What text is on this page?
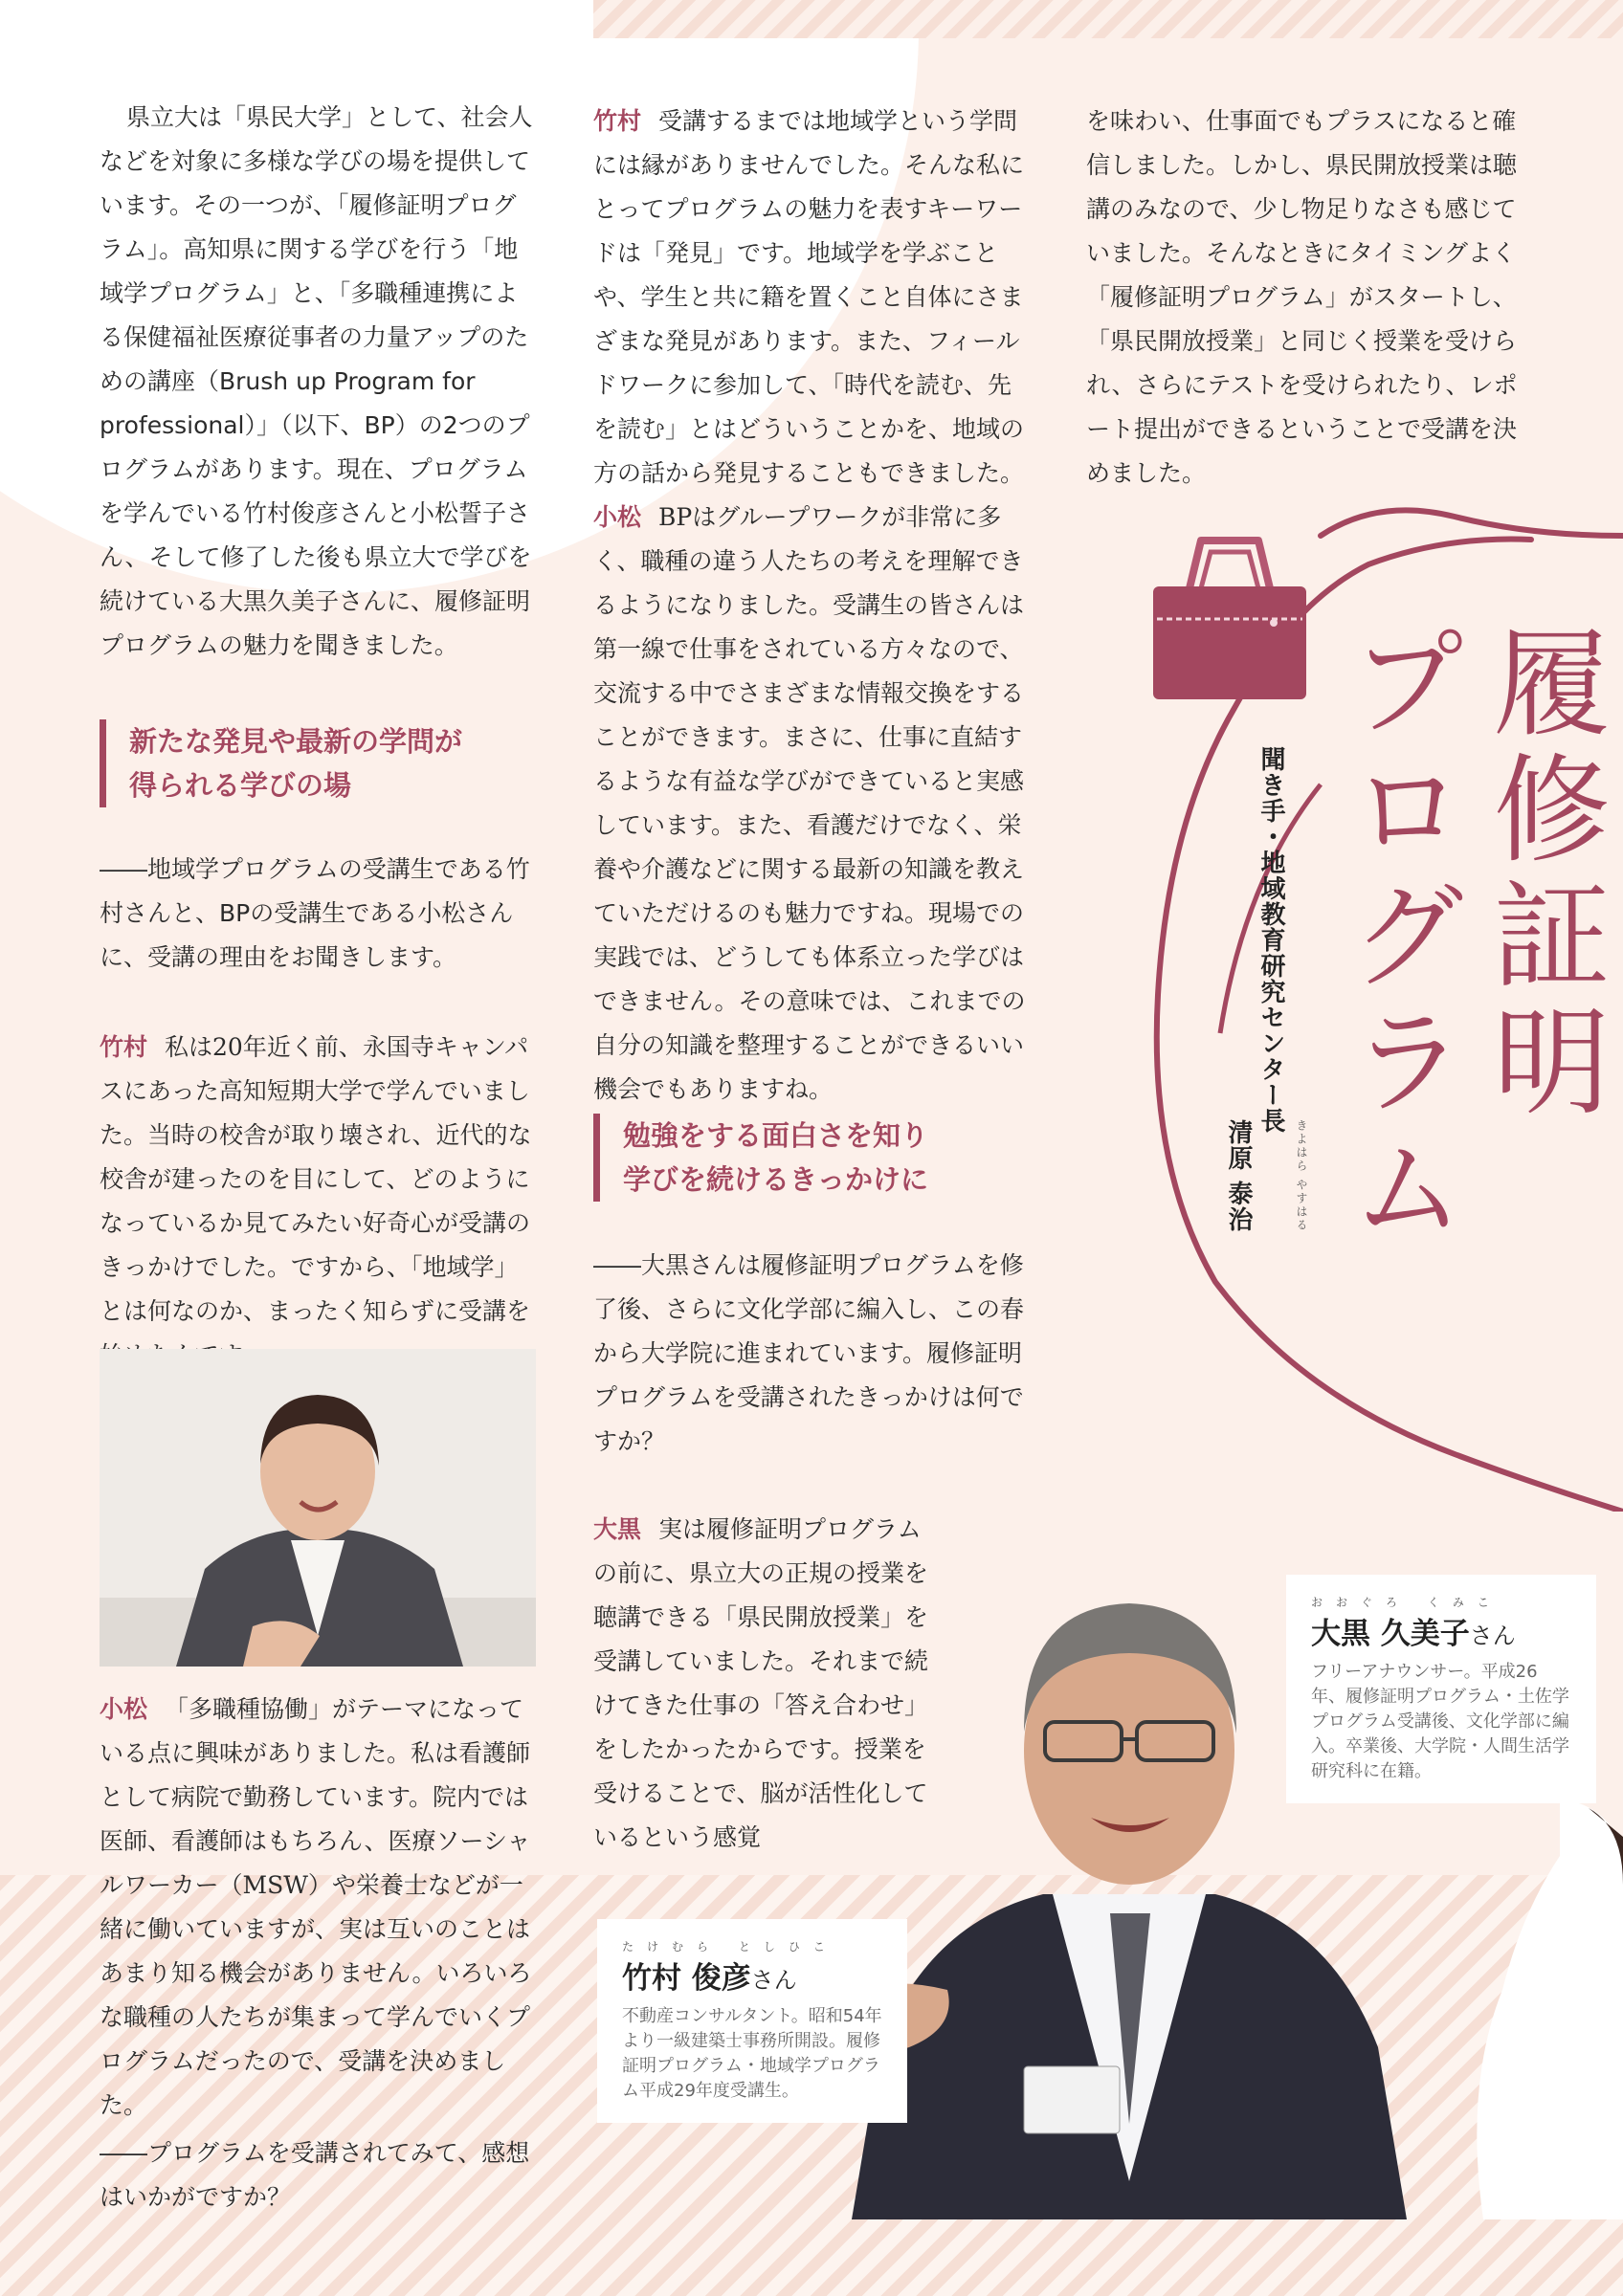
県立大は「県民大学」として、社会人などを対象に多様な学びの場を提供しています。その一つが、「履修証明プログラム」。高知県に関する学びを行う「地域学プログラム」と、「多職種連携による保健福祉医療従事者の力量アップのための講座（Brush up Program for professional）」（以下、BP）の2つのプログラムがあります。現在、プログラムを学んでいる竹村俊彦さんと小松誓子さん、そして修了した後も県立大で学びを続けている大黒久美子さんに、履修証明プログラムの魅力を聞きました。

新たな発見や最新の学問が
得られる学びの場

――地域学プログラムの受講生である竹村さんと、BPの受講生である小松さんに、受講の理由をお聞きします。

竹村 私は20年近く前、永国寺キャンパスにあった高知短期大学で学んでいました。当時の校舎が取り壊され、近代的な校舎が建ったのを目にして、どのようになっているか見てみたい好奇心が受講のきっかけでした。ですから、「地域学」とは何なのか、まったく知らずに受講を

小松 「多職種協働」がテーマになっている点に興味がありました。私は看護師として病院で勤務しています。院内では医師、看護師はもちろん、医療ソーシャルワーカー（MSW）や栄養士などが一緒に働いていますが、実は互いのことはあまり知る機会がありません。いろいろな職種の人たちが集まって学んでいくプログラムだったので、受講を決めました。

――プログラムを受講されてみて、感想はいかがですか？

竹村 受講するまでは地域学という学問には縁がありませんでした。そんな私にとってプログラムの魅力を表すキーワードは「発見」です。地域学を学ぶことや、学生と共に籍を置くこと自体にさまざまな発見があります。また、フィールドワークに参加して、「時代を読む、先を読む」とはどういうことかを、地域の方の話から発見することもできました。

小松 BPはグループワークが非常に多く、職種の違う人たちの考えを理解できるようになりました。受講生の皆さんは第一線で仕事をされている方々なので、交流する中でさまざまな情報交換をすることができます。まさに、仕事に直結するような有益な学びができていると実感しています。また、看護だけでなく、栄養や介護などに関する最新の知識を教えていただけるのも魅力ですね。現場での実践では、どうしても体系立った学びはできません。その意味では、これまでの自分の知識を整理することができるいい機会でもありますね。

勉強をする面白さを知り
学びを続けるきっかけに

――大黒さんは履修証明プログラムを修了後、さらに文化学部に編入し、この春から大学院に進まれています。履修証明プログラムを受講されたきっかけは何ですか？

大黒 実は履修証明プログラムの前に、県立大の正規の授業を聴講できる「県民開放授業」を受講していました。それまで続けてきた仕事の「答え合わせ」をしたかったからです。授業を受けることで、脳が活性化しているという感覚

を味わい、仕事面でもプラスになると確信しました。しかし、県民開放授業は聴講のみなので、少し物足りなさも感じていました。そんなときにタイミングよく「履修証明プログラム」がスタートし、「県民開放授業」と同じく授業を受けられ、さらにテストを受けられたり、レポート提出ができるということで受講を決めました。

履修証明
プログラム
聞き手・地域教育研究センター長
清原 泰治	きよはら やすはる
おおぐろ くみこ
大黒 久美子さん
フリーアナウンサー。平成26年、履修証明プログラム・土佐学プログラム受講後、文化学部に編入。卒業後、大学院・人間生活学研究科に在籍。
たけむら としひこ
竹村 俊彦さん
不動産コンサルタント。昭和54年より一級建築士事務所開設。履修証明プログラム・地域学プログラム平成29年度受講生。
